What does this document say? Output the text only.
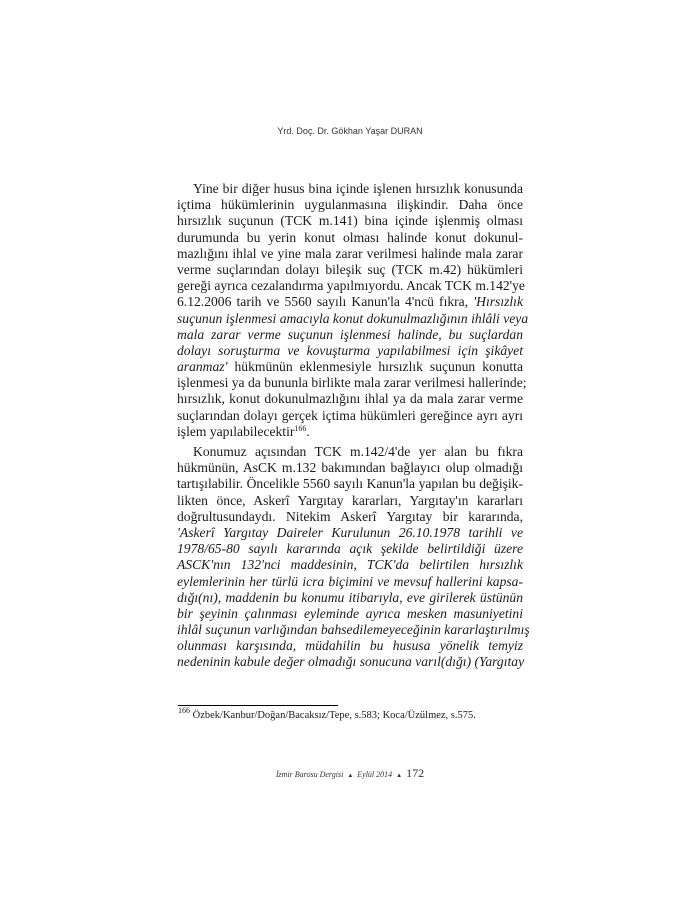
Yrd. Doç. Dr. Gökhan Yaşar DURAN
Yine bir diğer husus bina içinde işlenen hırsızlık konusunda
içtima hükümlerinin uygulanmasına ilişkindir. Daha önce
hırsızlık suçunun (TCK m.141) bina içinde işlenmiş olması
durumunda bu yerin konut olması halinde konut dokunul-
mazlığını ihlal ve yine mala zarar verilmesi halinde mala zarar
verme suçlarından dolayı bileşik suç (TCK m.42) hükümleri
gereği ayrıca cezalandırma yapılmıyordu. Ancak TCK m.142'ye
6.12.2006 tarih ve 5560 sayılı Kanun'la 4'ncü fıkra, 'Hırsızlık
suçunun işlenmesi amacıyla konut dokunulmazlığının ihlâli veya
mala zarar verme suçunun işlenmesi halinde, bu suçlardan
dolayı soruşturma ve kovuşturma yapılabilmesi için şikâyet
aranmaz' hükmünün eklenmesiyle hırsızlık suçunun konutta
işlenmesi ya da bununla birlikte mala zarar verilmesi hallerinde;
hırsızlık, konut dokunulmazlığını ihlal ya da mala zarar verme
suçlarından dolayı gerçek içtima hükümleri gereğince ayrı ayrı
işlem yapılabilecektir$^{166}$.
Konumuz açısından TCK m.142/4'de yer alan bu fıkra
hükmünün, AsCK m.132 bakımından bağlayıcı olup olmadığı
tartışılabilir. Öncelikle 5560 sayılı Kanun'la yapılan bu değişik-
likten önce, Askerî Yargıtay kararları, Yargıtay'ın kararları
doğrultusundaydı. Nitekim Askerî Yargıtay bir kararında,
'Askerî Yargıtay Daireler Kurulunun 26.10.1978 tarihli ve
1978/65-80 sayılı kararında açık şekilde belirtildiği üzere
ASCK'nın 132'nci maddesinin, TCK'da belirtilen hırsızlık
eylemlerinin her türlü icra biçimini ve mevsuf hallerini kapsa-
dığı(nı), maddenin bu konumu itibarıyla, eve girilerek üstünün
bir şeyinin çalınması eyleminde ayrıca mesken masuniyetini
ihlâl suçunun varlığından bahsedilemeyeceğinin kararlaştırılmış
olunması karşısında, müdahilin bu hususa yönelik temyiz
nedeninin kabule değer olmadığı sonucuna varıl(dığı) (Yargıtay
$^{166}$ Özbek/Kanbur/Doğan/Bacaksız/Tepe, s.583; Koca/Üzülmez, s.575.
İzmir Barosu Dergisi ▲ Eylül 2014 ▲ 172
